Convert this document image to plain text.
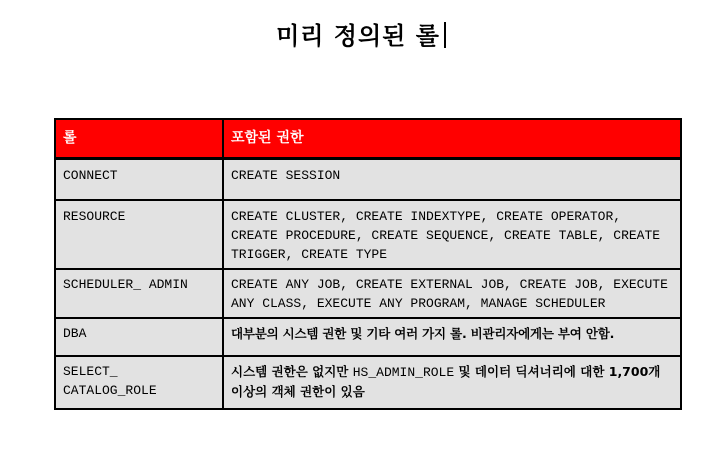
미리 정의된 롤
롤	포함된 권한
CONNECT	CREATE SESSION
RESOURCE	CREATE CLUSTER, CREATE INDEXTYPE, CREATE OPERATOR, CREATE PROCEDURE, CREATE SEQUENCE, CREATE TABLE, CREATE TRIGGER, CREATE TYPE
SCHEDULER_ ADMIN	CREATE ANY JOB, CREATE EXTERNAL JOB, CREATE JOB, EXECUTE ANY CLASS, EXECUTE ANY PROGRAM, MANAGE SCHEDULER
DBA	대부분의 시스템 권한 및 기타 여러 가지 롤. 비관리자에게는 부여 안함.
SELECT_ CATALOG_ROLE	시스템 권한은 없지만 HS_ADMIN_ROLE 및 데이터 딕셔너리에 대한 1,700개 이상의 객체 권한이 있음
